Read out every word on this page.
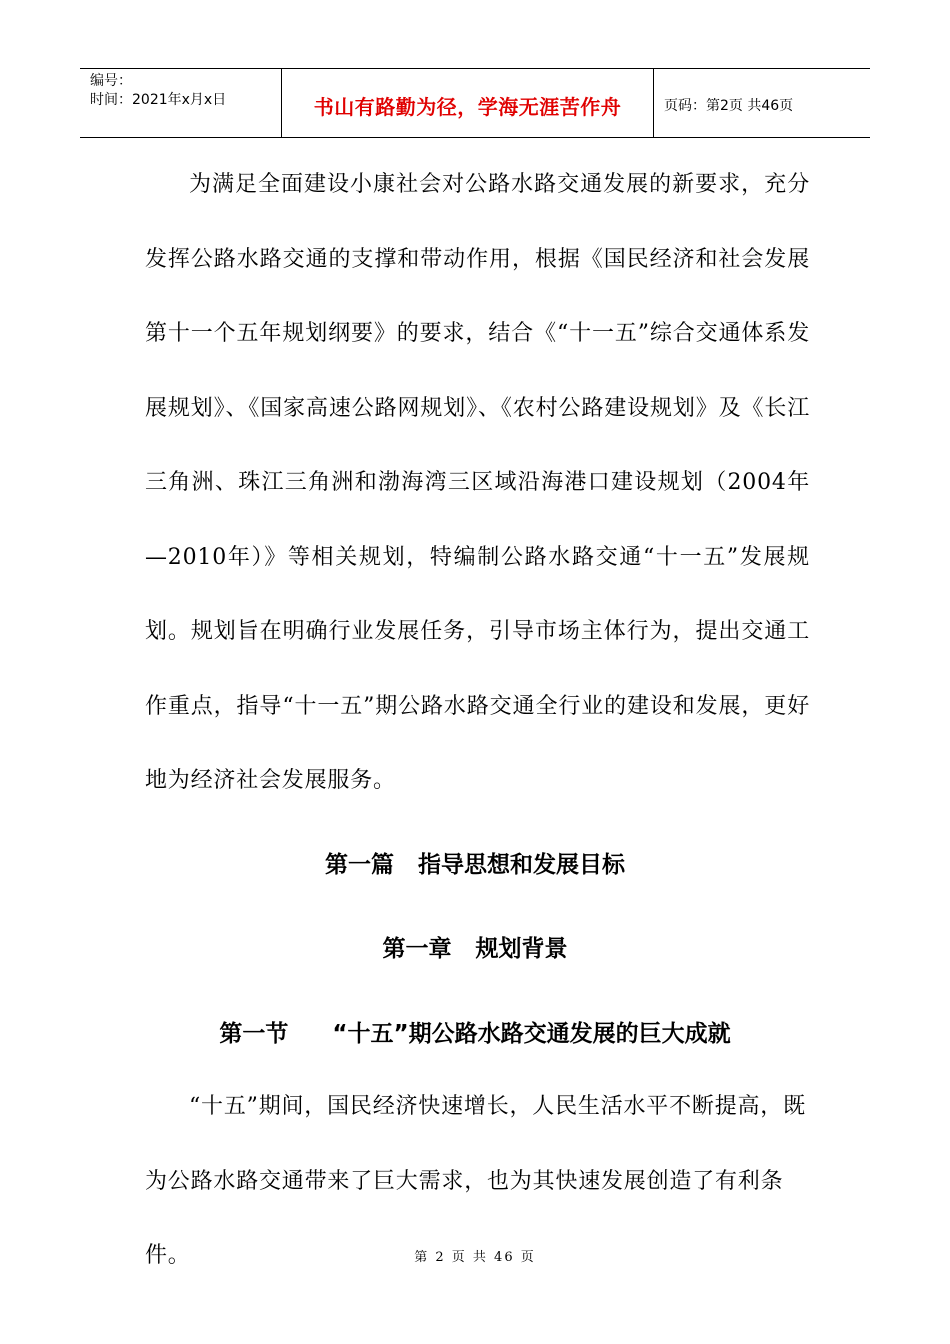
编号：
时间：2021年x月x日	书山有路勤为径，学海无涯苦作舟	页码：第2页 共46页

为满足全面建设小康社会对公路水路交通发展的新要求，充分发挥公路水路交通的支撑和带动作用，根据《国民经济和社会发展第十一个五年规划纲要》的要求，结合《“十一五”综合交通体系发展规划》、《国家高速公路网规划》、《农村公路建设规划》及《长江三角洲、珠江三角洲和渤海湾三区域沿海港口建设规划（2004年—2010年）》等相关规划，特编制公路水路交通“十一五”发展规划。规划旨在明确行业发展任务，引导市场主体行为，提出交通工作重点，指导“十一五”期公路水路交通全行业的建设和发展，更好地为经济社会发展服务。

第一篇 指导思想和发展目标
第一章 规划背景
第一节 “十五”期公路水路交通发展的巨大成就

“十五”期间，国民经济快速增长，人民生活水平不断提高，既为公路水路交通带来了巨大需求，也为其快速发展创造了有利条件。	第 2 页 共 46 页
